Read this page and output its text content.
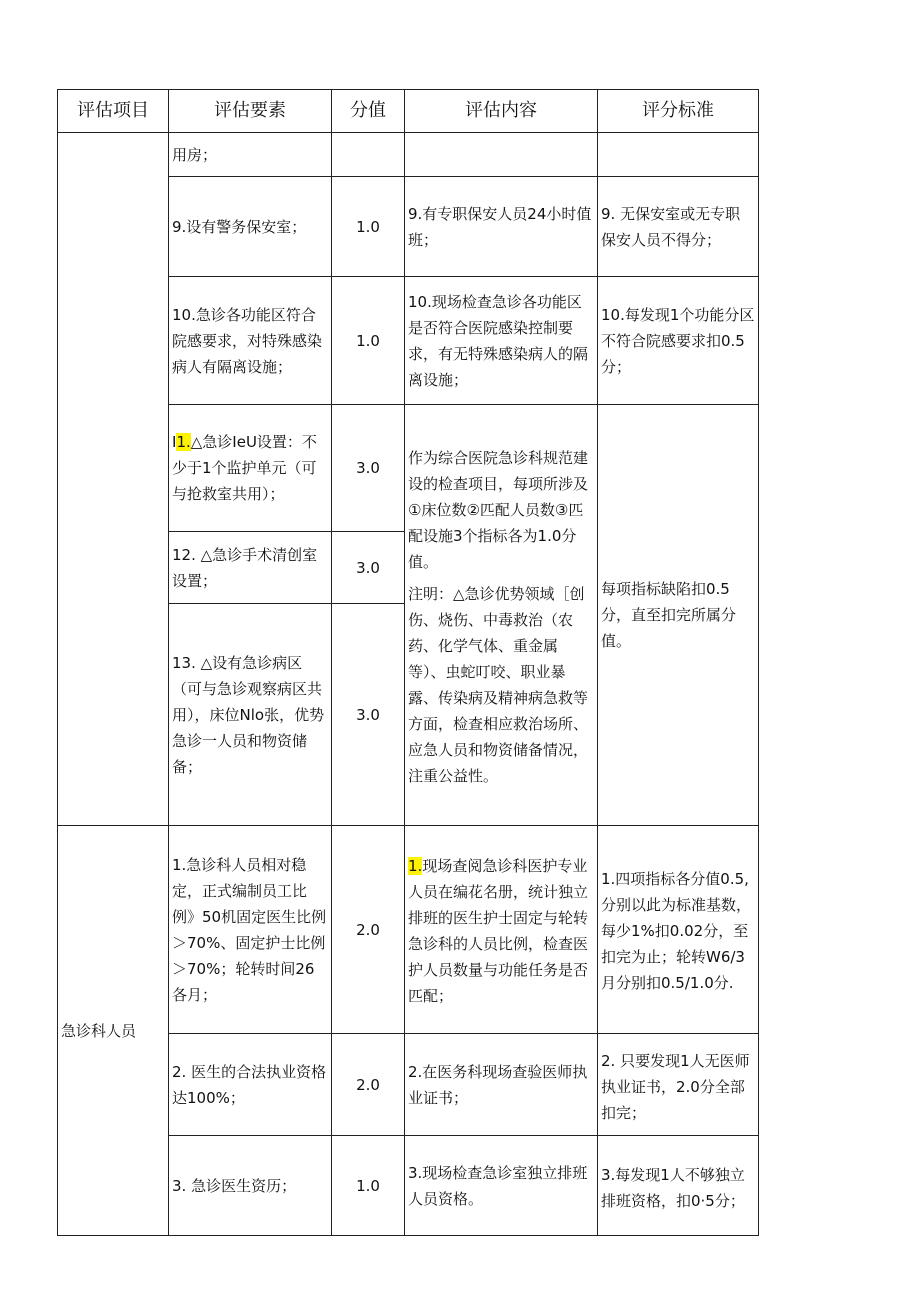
评估项目	评估要素	分值	评估内容	评分标准
	用房；			
	9.设有警务保安室；	1.0	9.有专职保安人员24小时值班；	9. 无保安室或无专职保安人员不得分；
	10.急诊各功能区符合院感要求，对特殊感染病人有隔离设施；	1.0	10.现场检查急诊各功能区是否符合医院感染控制要求，有无特殊感染病人的隔离设施；	10.每发现1个功能分区不符合院感要求扣0.5分；
	I1.△急诊IeU设置：不少于1个监护单元（可与抢救室共用）；	3.0	作为综合医院急诊科规范建设的检查项目，每项所涉及①床位数②匹配人员数③匹配设施3个指标各为1.0分值。
注明：△急诊优势领域［创伤、烧伤、中毒救治（农药、化学气体、重金属等）、虫蛇叮咬、职业暴露、传染病及精神病急救等方面，检查相应救治场所、应急人员和物资储备情况，注重公益性。	每项指标缺陷扣0.5分，直至扣完所属分值。
	12. △急诊手术清创室设置；	3.0		
	13. △设有急诊病区（可与急诊观察病区共用），床位Nlo张，优势急诊一人员和物资储备；	3.0		
急诊科人员	1.急诊科人员相对稳定，正式编制员工比例》50机固定医生比例＞70%、固定护士比例＞70%；轮转时间26各月；	2.0	1.现场查阅急诊科医护专业人员在编花名册，统计独立排班的医生护士固定与轮转急诊科的人员比例，检查医护人员数量与功能任务是否匹配；	1.四项指标各分值0.5,分别以此为标准基数，每少1%扣0.02分，至扣完为止；轮转W6/3月分别扣0.5/1.0分.
	2. 医生的合法执业资格达100%；	2.0	2.在医务科现场查验医师执业证书；	2. 只要发现1人无医师执业证书，2.0分全部扣完；
	3. 急诊医生资历；	1.0	3.现场检查急诊室独立排班人员资格。	3.每发现1人不够独立排班资格，扣0·5分；
